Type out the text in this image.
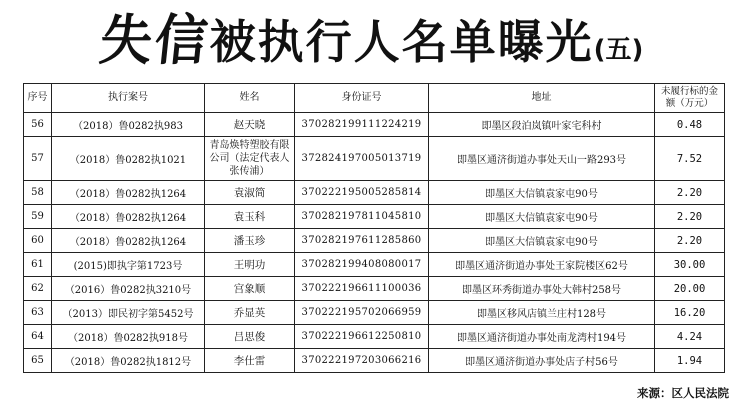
失信被执行人名单曝光(五)
序号	执行案号	姓名	身份证号	地址	未履行标的金额（万元）
56	（2018）鲁0282执983	赵天晓	370282199111224219	即墨区段泊岚镇叶家宅科村	0.48
57	（2018）鲁0282执1021	青岛焕特塑胶有限公司（法定代表人张传浦）	372824197005013719	即墨区通济街道办事处天山一路293号	7.52
58	（2018）鲁0282执1264	袁淑简	370222195005285814	即墨区大信镇袁家屯90号	2.20
59	（2018）鲁0282执1264	袁玉科	370282197811045810	即墨区大信镇袁家屯90号	2.20
60	（2018）鲁0282执1264	潘玉珍	370282197611285860	即墨区大信镇袁家屯90号	2.20
61	(2015)即执字第1723号	王明功	370282199408080017	即墨区通济街道办事处王家院楼区62号	30.00
62	（2016）鲁0282执3210号	宫象顺	370222196611100036	即墨区环秀街道办事处大韩村258号	20.00
63	（2013）即民初字第5452号	乔显英	370222195702066959	即墨区移风店镇兰庄村128号	16.20
64	（2018）鲁0282执918号	吕思俊	370222196612250810	即墨区通济街道办事处南龙湾村194号	4.24
65	（2018）鲁0282执1812号	李仕雷	370222197203066216	即墨区通济街道办事处店子村56号	1.94
来源：区人民法院
